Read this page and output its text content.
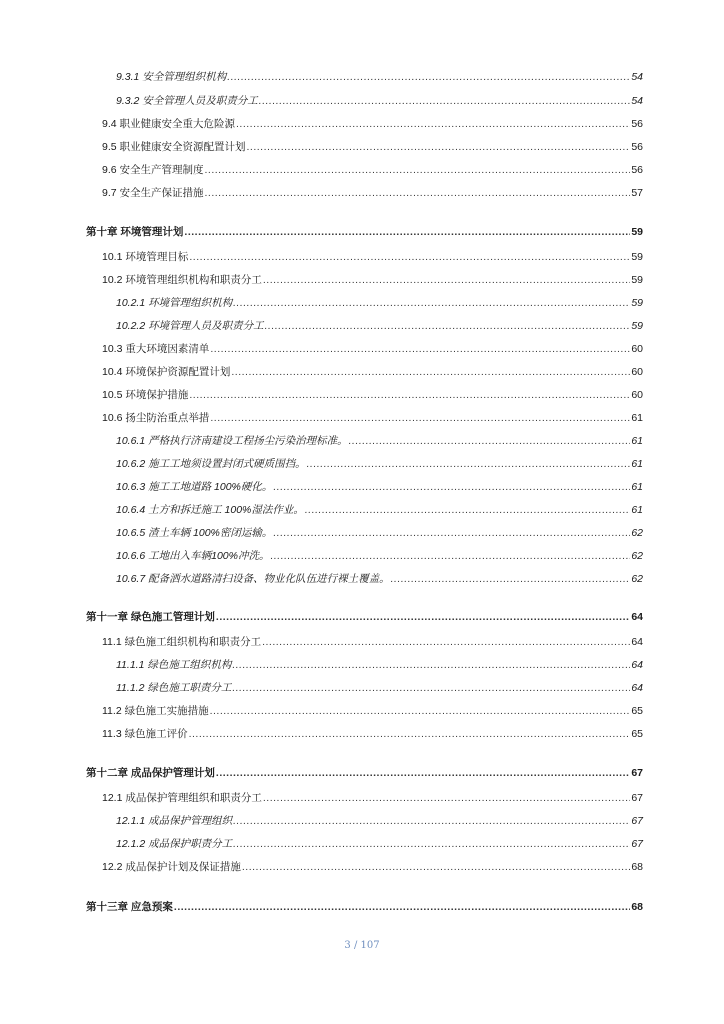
9.3.1 安全管理组织机构 .....	54
9.3.2 安全管理人员及职责分工 .....	54
9.4 职业健康安全重大危险源 .....	56
9.5 职业健康安全资源配置计划 .....	56
9.6 安全生产管理制度 .....	56
9.7 安全生产保证措施 .....	57
第十章 环境管理计划 .....	59
10.1 环境管理目标 .....	59
10.2 环境管理组织机构和职责分工 .....	59
10.2.1 环境管理组织机构 .....	59
10.2.2 环境管理人员及职责分工 .....	59
10.3 重大环境因素清单 .....	60
10.4 环境保护资源配置计划 .....	60
10.5 环境保护措施 .....	60
10.6 扬尘防治重点举措 .....	61
10.6.1 严格执行济南建设工程扬尘污染治理标准。 .....	61
10.6.2 施工工地须设置封闭式硬质围挡。 .....	61
10.6.3 施工工地道路 100%硬化。 .....	61
10.6.4 土方和拆迁施工 100%湿法作业。 .....	61
10.6.5 渣土车辆 100%密闭运输。 .....	62
10.6.6 工地出入车辆100%冲洗。 .....	62
10.6.7 配备洒水道路清扫设备、物业化队伍进行裸土覆盖。 .....	62
第十一章 绿色施工管理计划 .....	64
11.1 绿色施工组织机构和职责分工 .....	64
11.1.1 绿色施工组织机构 .....	64
11.1.2 绿色施工职责分工 .....	64
11.2 绿色施工实施措施 .....	65
11.3 绿色施工评价 .....	65
第十二章 成品保护管理计划 .....	67
12.1 成品保护管理组织和职责分工 .....	67
12.1.1 成品保护管理组织 .....	67
12.1.2 成品保护职责分工 .....	67
12.2 成品保护计划及保证措施 .....	68
第十三章 应急预案 .....	68
3 / 107
